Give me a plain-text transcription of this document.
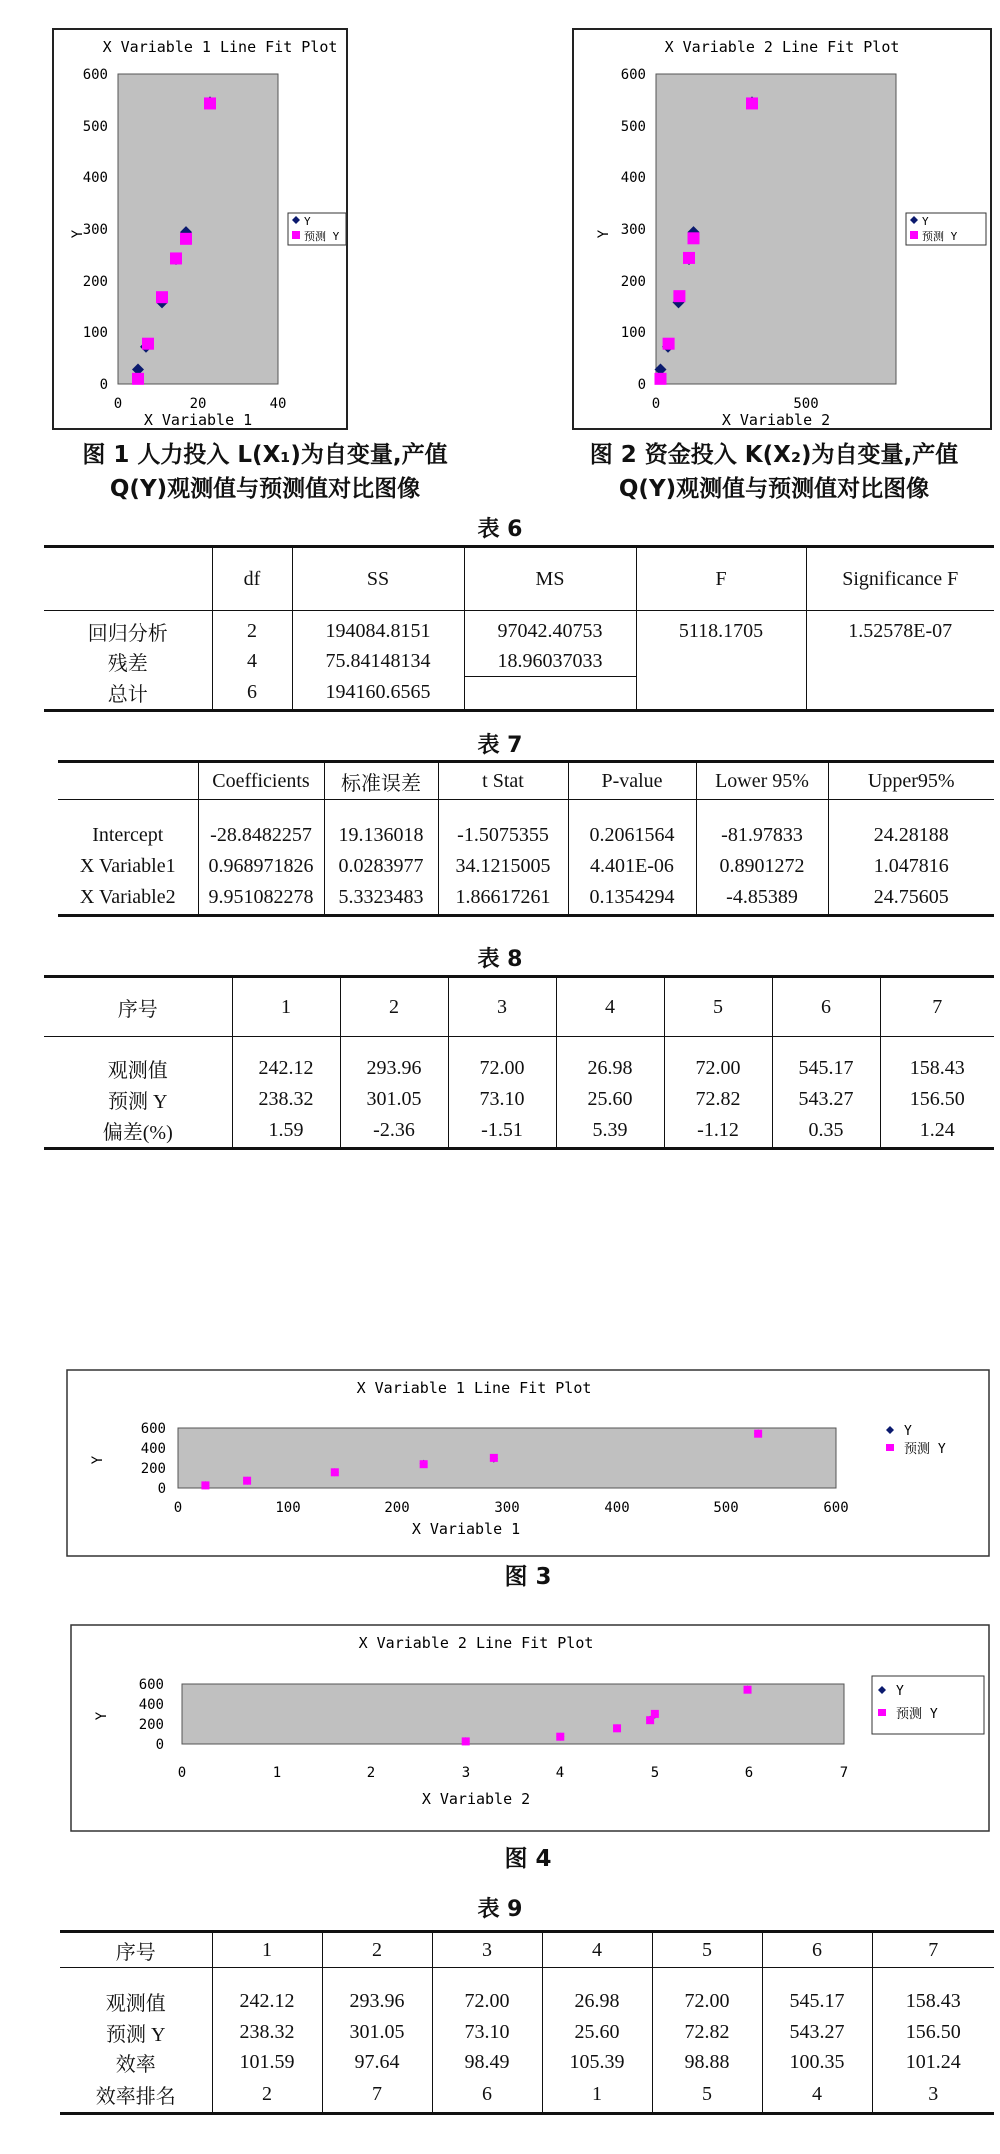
X Variable 1 Line Fit Plot
600
500
400
300
200
100
0
0	20	40
X Variable 1
Y
Y
预测 Y
图 1 人力投入 L(X₁)为自变量,产值
Q(Y)观测值与预测值对比图像
X Variable 2 Line Fit Plot
600
500
400
300
200
100
0
0	500
X Variable 2
Y
Y
预测 Y
图 2 资金投入 K(X₂)为自变量,产值
Q(Y)观测值与预测值对比图像
表 6
	df	SS	MS	F	Significance F
回归分析	2	194084.8151	97042.40753	5118.1705	1.52578E-07
残差	4	75.84148134	18.96037033		
总计	6	194160.6565			
表 7
	Coefficients	标准误差	t Stat	P-value	Lower 95%	Upper95%
Intercept	-28.8482257	19.136018	-1.5075355	0.2061564	-81.97833	24.28188
X Variable1	0.968971826	0.0283977	34.1215005	4.401E-06	0.8901272	1.047816
X Variable2	9.951082278	5.3323483	1.86617261	0.1354294	-4.85389	24.75605
表 8
序号	1	2	3	4	5	6	7
观测值	242.12	293.96	72.00	26.98	72.00	545.17	158.43
预测 Y	238.32	301.05	73.10	25.60	72.82	543.27	156.50
偏差(%)	1.59	-2.36	-1.51	5.39	-1.12	0.35	1.24
X Variable 1 Line Fit Plot
600
400
200
0
0	100	200	300	400	500	600
X Variable 1
Y
Y
预测 Y
图 3
X Variable 2 Line Fit Plot
600
400
200
0
0	1	2	3	4	5	6	7
X Variable 2
Y
Y
预测 Y
图 4
表 9
序号	1	2	3	4	5	6	7
观测值	242.12	293.96	72.00	26.98	72.00	545.17	158.43
预测 Y	238.32	301.05	73.10	25.60	72.82	543.27	156.50
效率	101.59	97.64	98.49	105.39	98.88	100.35	101.24
效率排名	2	7	6	1	5	4	3
